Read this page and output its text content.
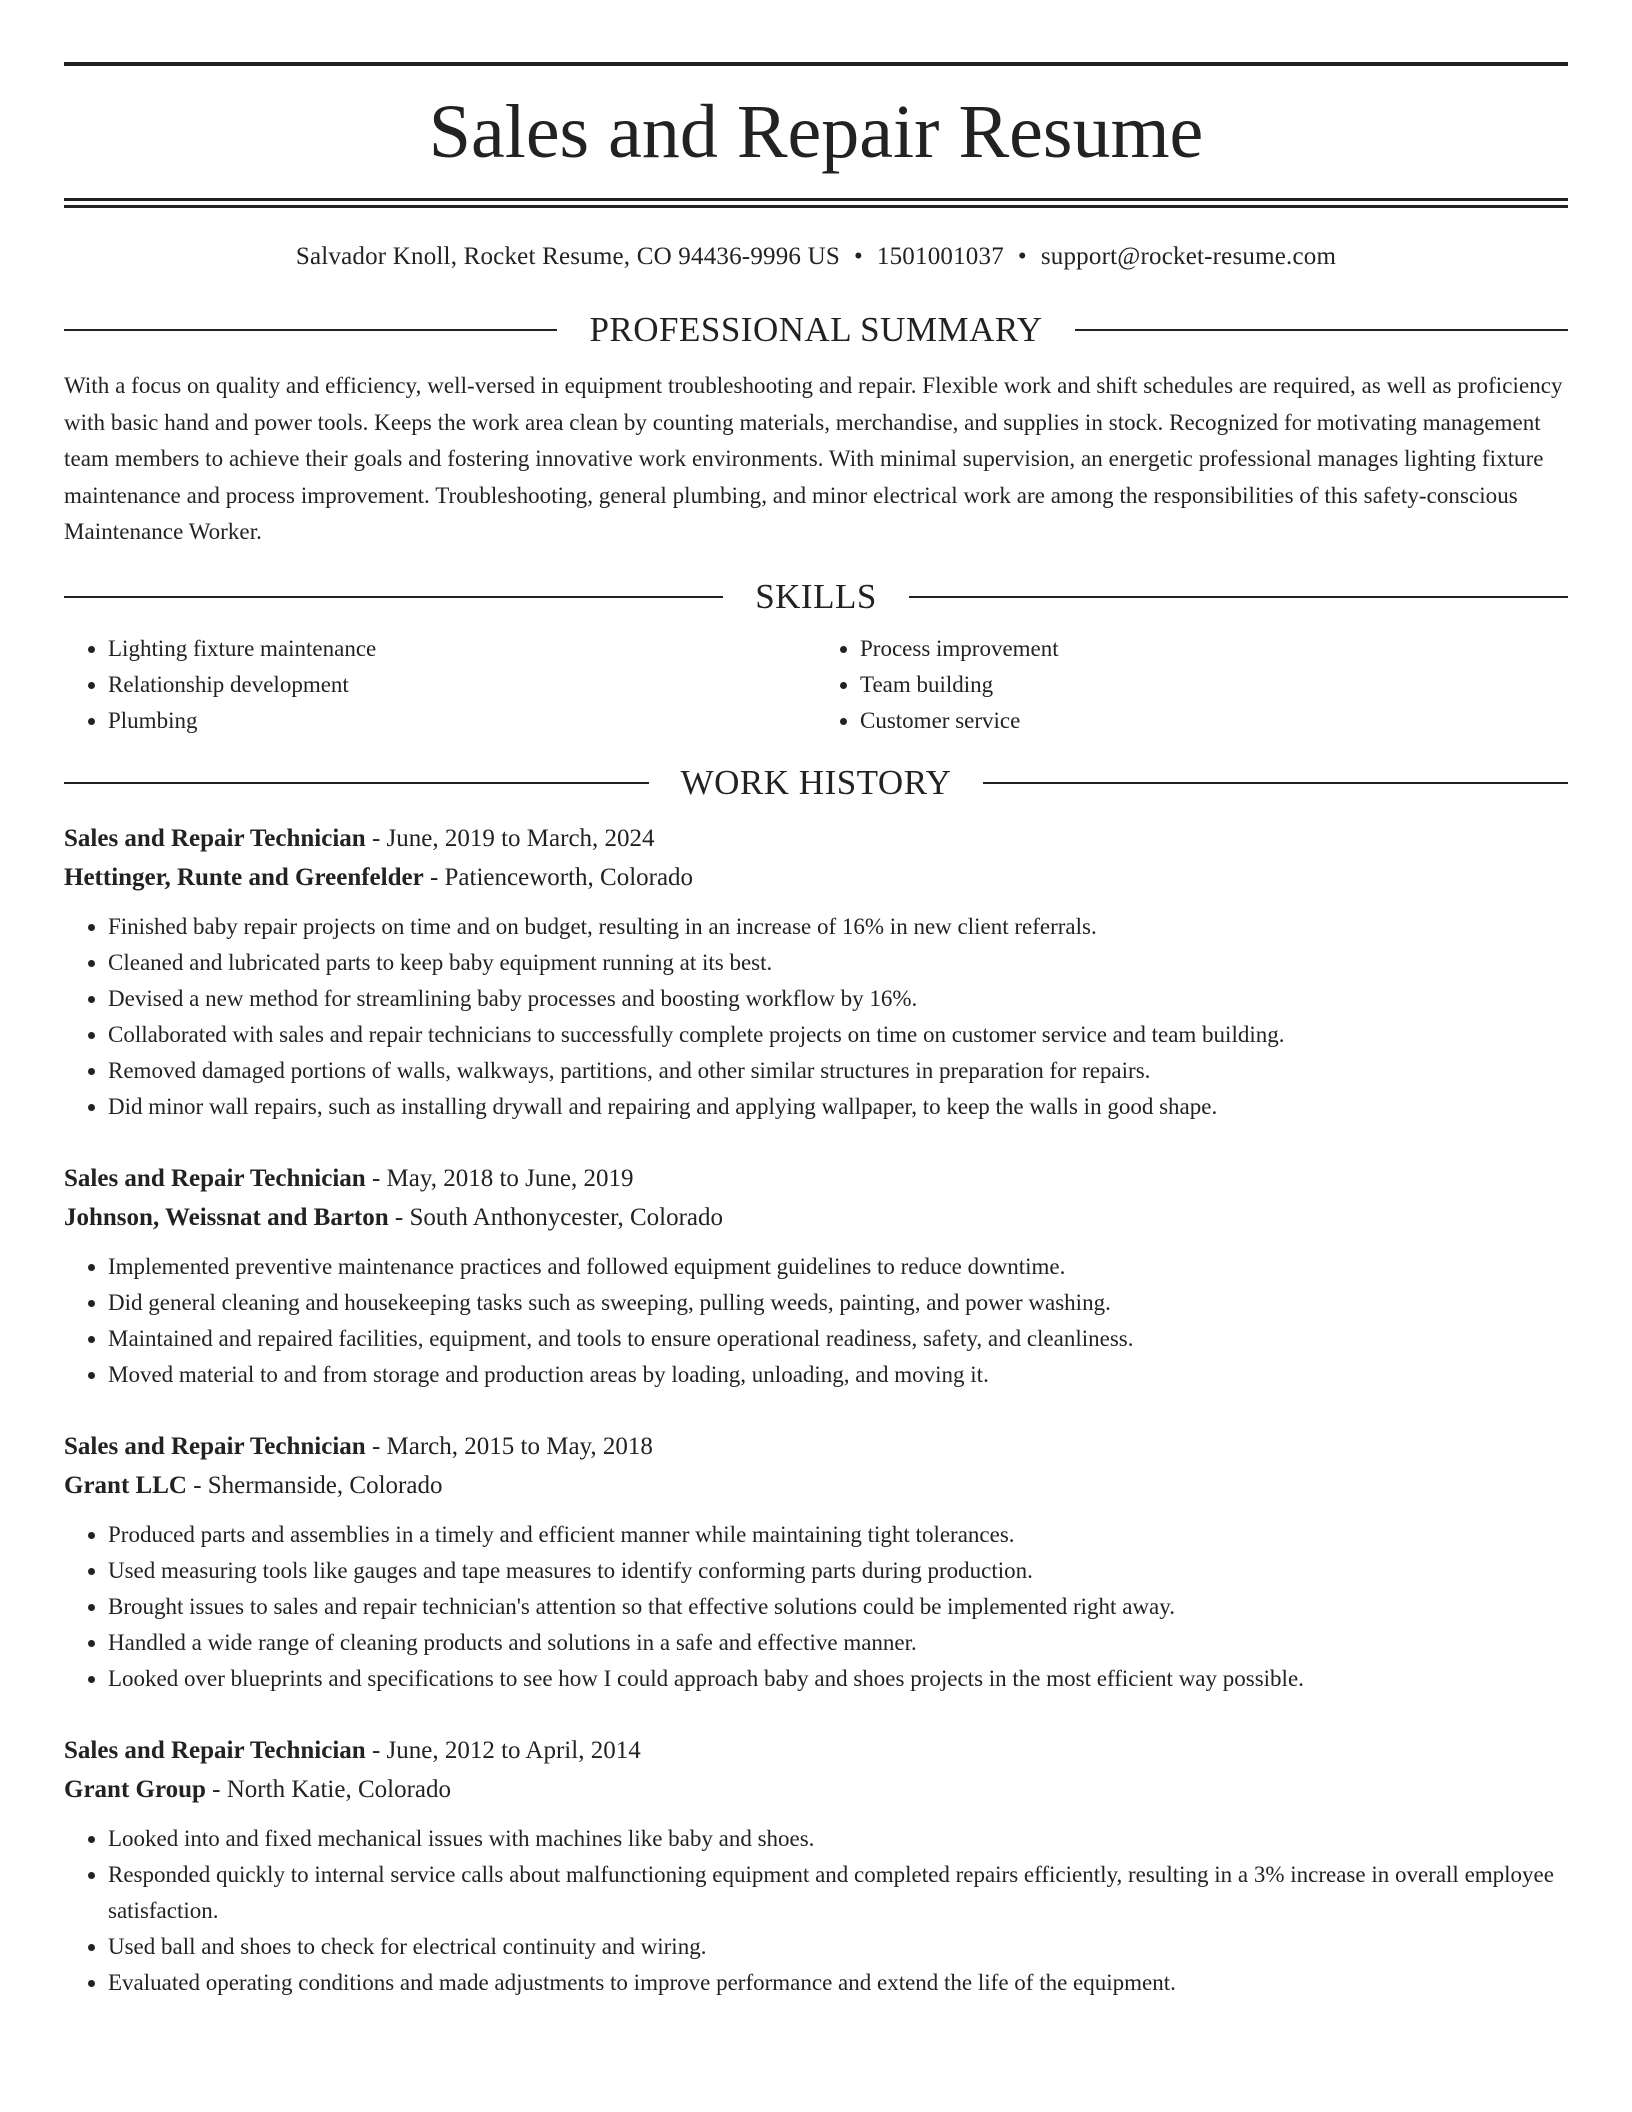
Sales and Repair Resume
Salvador Knoll, Rocket Resume, CO 94436-9996 US • 1501001037 • support@rocket-resume.com
PROFESSIONAL SUMMARY
With a focus on quality and efficiency, well-versed in equipment troubleshooting and repair. Flexible work and shift schedules are required, as well as proficiency with basic hand and power tools. Keeps the work area clean by counting materials, merchandise, and supplies in stock. Recognized for motivating management team members to achieve their goals and fostering innovative work environments. With minimal supervision, an energetic professional manages lighting fixture maintenance and process improvement. Troubleshooting, general plumbing, and minor electrical work are among the responsibilities of this safety-conscious Maintenance Worker.
SKILLS
• Lighting fixture maintenance
• Relationship development
• Plumbing
• Process improvement
• Team building
• Customer service
WORK HISTORY
Sales and Repair Technician - June, 2019 to March, 2024
Hettinger, Runte and Greenfelder - Patienceworth, Colorado
• Finished baby repair projects on time and on budget, resulting in an increase of 16% in new client referrals.
• Cleaned and lubricated parts to keep baby equipment running at its best.
• Devised a new method for streamlining baby processes and boosting workflow by 16%.
• Collaborated with sales and repair technicians to successfully complete projects on time on customer service and team building.
• Removed damaged portions of walls, walkways, partitions, and other similar structures in preparation for repairs.
• Did minor wall repairs, such as installing drywall and repairing and applying wallpaper, to keep the walls in good shape.
Sales and Repair Technician - May, 2018 to June, 2019
Johnson, Weissnat and Barton - South Anthonycester, Colorado
• Implemented preventive maintenance practices and followed equipment guidelines to reduce downtime.
• Did general cleaning and housekeeping tasks such as sweeping, pulling weeds, painting, and power washing.
• Maintained and repaired facilities, equipment, and tools to ensure operational readiness, safety, and cleanliness.
• Moved material to and from storage and production areas by loading, unloading, and moving it.
Sales and Repair Technician - March, 2015 to May, 2018
Grant LLC - Shermanside, Colorado
• Produced parts and assemblies in a timely and efficient manner while maintaining tight tolerances.
• Used measuring tools like gauges and tape measures to identify conforming parts during production.
• Brought issues to sales and repair technician's attention so that effective solutions could be implemented right away.
• Handled a wide range of cleaning products and solutions in a safe and effective manner.
• Looked over blueprints and specifications to see how I could approach baby and shoes projects in the most efficient way possible.
Sales and Repair Technician - June, 2012 to April, 2014
Grant Group - North Katie, Colorado
• Looked into and fixed mechanical issues with machines like baby and shoes.
• Responded quickly to internal service calls about malfunctioning equipment and completed repairs efficiently, resulting in a 3% increase in overall employee satisfaction.
• Used ball and shoes to check for electrical continuity and wiring.
• Evaluated operating conditions and made adjustments to improve performance and extend the life of the equipment.
